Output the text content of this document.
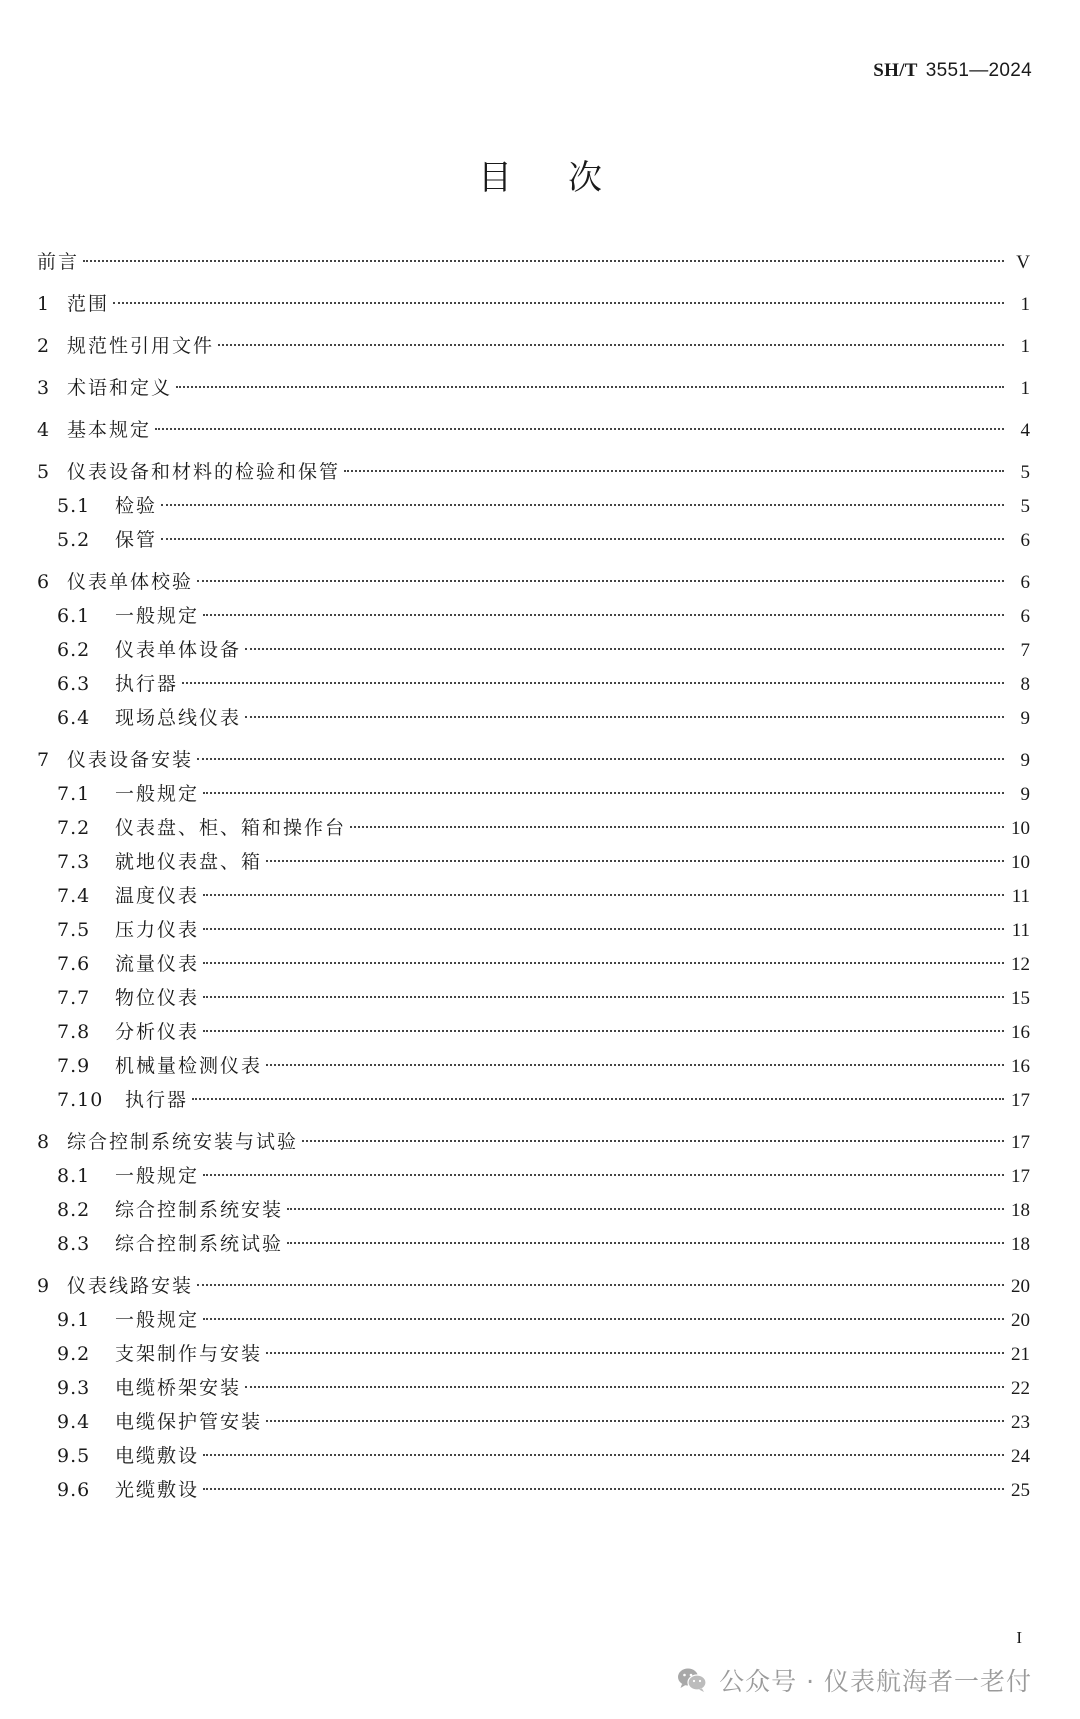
SH/T 3551—2024
目次
前言	V
1 范围	1
2 规范性引用文件	1
3 术语和定义	1
4 基本规定	4
5 仪表设备和材料的检验和保管	5
5.1	检验	5
5.2	保管	6
6 仪表单体校验	6
6.1	一般规定	6
6.2	仪表单体设备	7
6.3	执行器	8
6.4	现场总线仪表	9
7 仪表设备安装	9
7.1	一般规定	9
7.2	仪表盘、柜、箱和操作台	10
7.3	就地仪表盘、箱	10
7.4	温度仪表	11
7.5	压力仪表	11
7.6	流量仪表	12
7.7	物位仪表	15
7.8	分析仪表	16
7.9	机械量检测仪表	16
7.10	执行器	17
8 综合控制系统安装与试验	17
8.1	一般规定	17
8.2	综合控制系统安装	18
8.3	综合控制系统试验	18
9 仪表线路安装	20
9.1	一般规定	20
9.2	支架制作与安装	21
9.3	电缆桥架安装	22
9.4	电缆保护管安装	23
9.5	电缆敷设	24
9.6	光缆敷设	25
I
公众号 · 仪表航海者一老付
